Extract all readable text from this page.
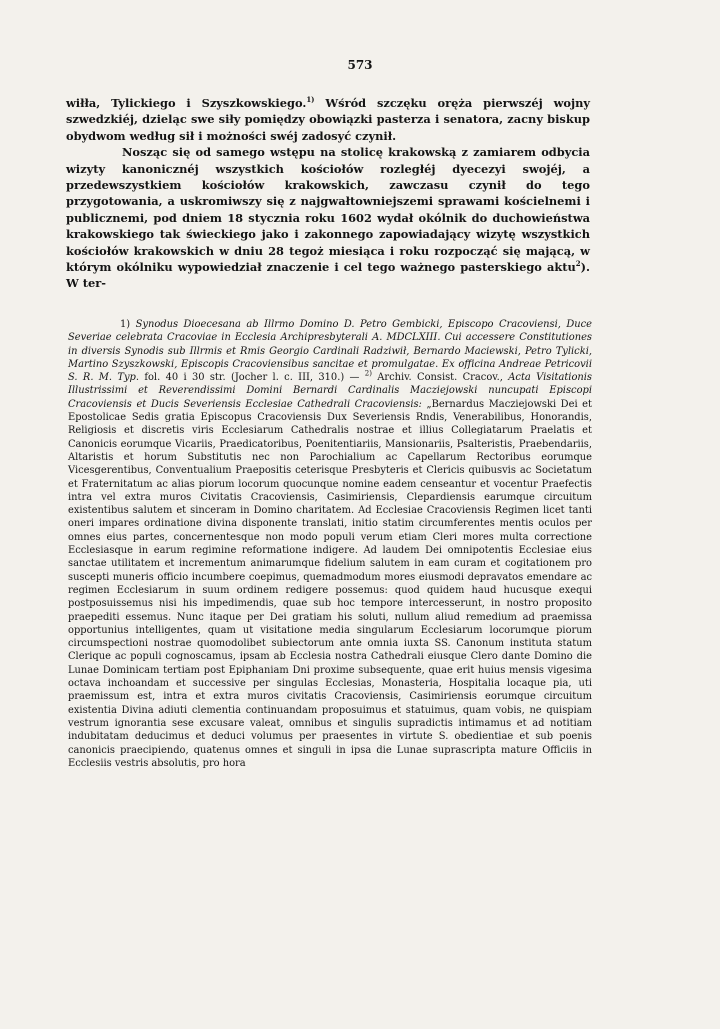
573

wiłła, Tylickiego i Szyszkowskiego.$^{1)}$ Wśród szczęku oręża pierwszéj wojny szwedzkiéj, dzieląc swe siły pomiędzy obowiązki pasterza i senatora, zacny biskup obydwom według sił i możności swéj zadosyć czynił.

Nosząc się od samego wstępu na stolicę krakowską z zamiarem odbycia wizyty kanonicznéj wszystkich kościołów rozległéj dyecezyi swojéj, a przedewszystkiem kościołów krakowskich, zawczasu czynił do tego przygotowania, a uskromiwszy się z najgwałtowniejszemi sprawami kościelnemi i publicznemi, pod dniem 18 stycznia roku 1602 wydał okólnik do duchowieństwa krakowskiego tak świeckiego jako i zakonnego zapowiadający wizytę wszystkich kościołów krakowskich w dniu 28 tegoż miesiąca i roku rozpocząć się mającą, w którym okólniku wypowiedział znaczenie i cel tego ważnego pasterskiego aktu$^2$). W ter-

1) Synodus Dioecesana ab Illrmo Domino D. Petro Gembicki, Episcopo Cracoviensi, Duce Severiae celebrata Cracoviae in Ecclesia Archipresbyterali A. MDCLXIII. Cui accessere Constitutiones in diversis Synodis sub Illrmis et Rmis Georgio Cardinali Radziwił, Bernardo Maciewski, Petro Tylicki, Martino Szyszkowski, Episcopis Cracoviensibus sancitae et promulgatae. Ex officina Andreae Petricovii S. R. M. Typ. fol. 40 i 30 str. (Jocher l. c. III, 310.) — $^{2)}$ Archiv. Consist. Cracov., Acta Visitationis Illustrissimi et Reverendissimi Domini Bernardi Cardinalis Macziejowski nuncupati Episcopi Cracoviensis et Ducis Severiensis Ecclesiae Cathedrali Cracoviensis: „Bernardus Macziejowski Dei et Epostolicae Sedis gratia Episcopus Cracoviensis Dux Severiensis Rndis, Venerabilibus, Honorandis, Religiosis et discretis viris Ecclesiarum Cathedralis nostrae et illius Collegiatarum Praelatis et Canonicis eorumque Vicariis, Praedicatoribus, Poenitentiariis, Mansionariis, Psalteristis, Praebendariis, Altaristis et horum Substitutis nec non Parochialium ac Capellarum Rectoribus eorumque Vicesgerentibus, Conventualium Praepositis ceterisque Presbyteris et Clericis quibusvis ac Societatum et Fraternitatum ac alias piorum locorum quocunque nomine eadem censeantur et vocentur Praefectis intra vel extra muros Civitatis Cracoviensis, Casimiriensis, Clepardiensis earumque circuitum existentibus salutem et sinceram in Domino charitatem. Ad Ecclesiae Cracoviensis Regimen licet tanti oneri impares ordinatione divina disponente translati, initio statim circumferentes mentis oculos per omnes eius partes, concernentesque non modo populi verum etiam Cleri mores multa correctione Ecclesiasque in earum regimine reformatione indigere. Ad laudem Dei omnipotentis Ecclesiae eius sanctae utilitatem et incrementum animarumque fidelium salutem in eam curam et cogitationem pro suscepti muneris officio incumbere coepimus, quemadmodum mores eiusmodi depravatos emendare ac regimen Ecclesiarum in suum ordinem redigere possemus: quod quidem haud hucusque exequi postposuissemus nisi his impedimendis, quae sub hoc tempore intercesserunt, in nostro proposito praepediti essemus. Nunc itaque per Dei gratiam his soluti, nullum aliud remedium ad praemissa opportunius intelligentes, quam ut visitatione media singularum Ecclesiarum locorumque piorum circumspectioni nostrae quomodolibet subiectorum ante omnia iuxta SS. Canonum instituta statum Clerique ac populi cognoscamus, ipsam ab Ecclesia nostra Cathedrali eiusque Clero dante Domino die Lunae Dominicam tertiam post Epiphaniam Dni proxime subsequente, quae erit huius mensis vigesima octava inchoandam et successive per singulas Ecclesias, Monasteria, Hospitalia locaque pia, uti praemissum est, intra et extra muros civitatis Cracoviensis, Casimiriensis eorumque circuitum existentia Divina adiuti clementia continuandam proposuimus et statuimus, quam vobis, ne quispiam vestrum ignorantia sese excusare valeat, omnibus et singulis supradictis intimamus et ad notitiam indubitatam deducimus et deduci volumus per praesentes in virtute S. obedientiae et sub poenis canonicis praecipiendo, quatenus omnes et singuli in ipsa die Lunae suprascripta mature Officiis in Ecclesiis vestris absolutis, pro hora
